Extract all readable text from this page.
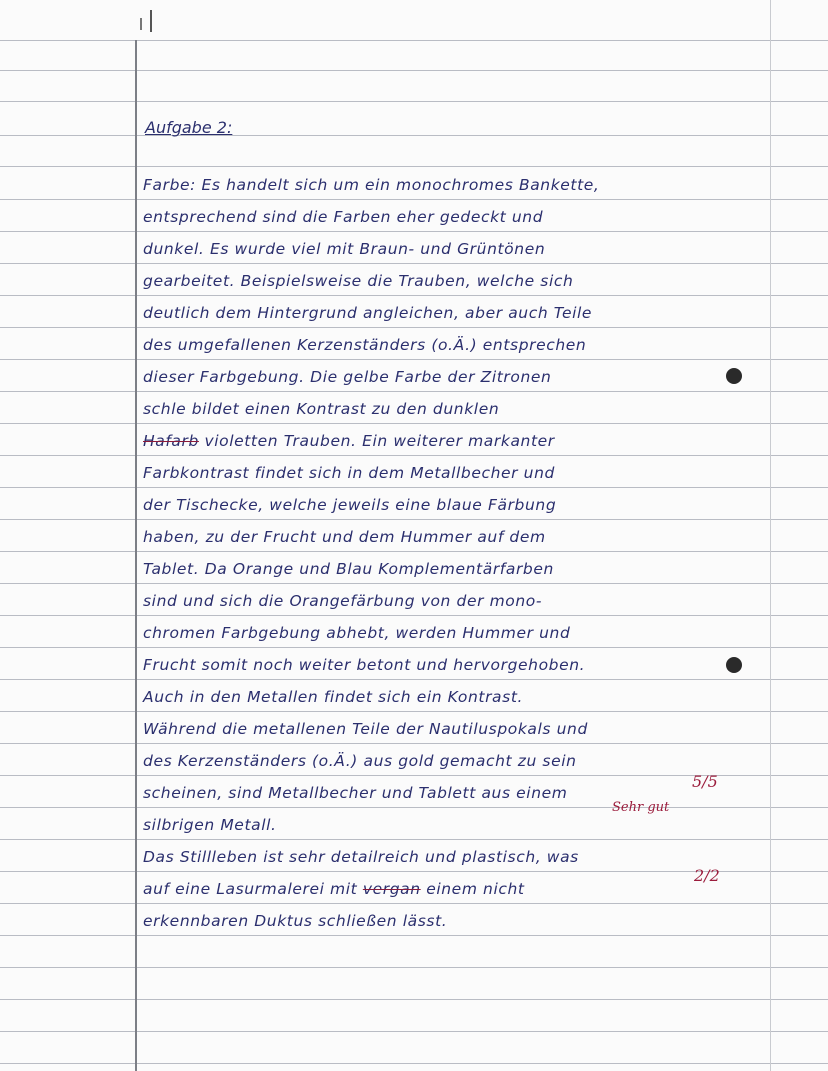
Aufgabe 2:
Farbe: Es handelt sich um ein monochromes Bankette,
entsprechend sind die Farben eher gedeckt und
dunkel. Es wurde viel mit Braun- und Grüntönen
gearbeitet. Beispielsweise die Trauben, welche sich
deutlich dem Hintergrund angleichen, aber auch Teile
des umgefallenen Kerzenständers (o.Ä.) entsprechen
dieser Farbgebung. Die gelbe Farbe der Zitronen
schle bildet einen Kontrast zu den dunklen
Hafarb violetten Trauben. Ein weiterer markanter
Farbkontrast findet sich in dem Metallbecher und
der Tischecke, welche jeweils eine blaue Färbung
haben, zu der Frucht und dem Hummer auf dem
Tablet. Da Orange und Blau Komplementärfarben
sind und sich die Orangefärbung von der mono-
chromen Farbgebung abhebt, werden Hummer und
Frucht somit noch weiter betont und hervorgehoben.
Auch in den Metallen findet sich ein Kontrast.
Während die metallenen Teile der Nautiluspokals und
des Kerzenständers (o.Ä.) aus gold gemacht zu sein
scheinen, sind Metallbecher und Tablett aus einem
silbrigen Metall.
Das Stillleben ist sehr detailreich und plastisch, was
auf eine Lasurmalerei mit vergan einem nicht
erkennbaren Duktus schließen lässt.
5/5
Sehr gut
2/2
